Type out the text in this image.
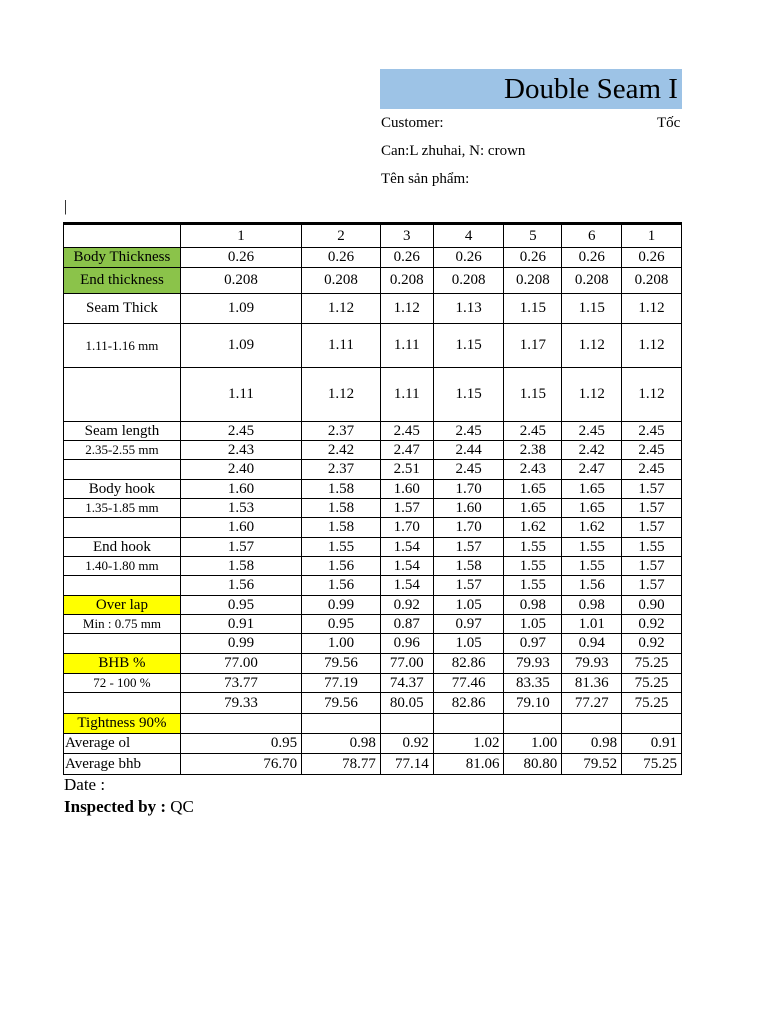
Double Seam I
Customer:	Tốc
Can:L zhuhai, N: crown
Tên sản phẩm:
|
	1	2	3	4	5	6	1
Body Thickness	0.26	0.26	0.26	0.26	0.26	0.26	0.26
End thickness	0.208	0.208	0.208	0.208	0.208	0.208	0.208
Seam Thick	1.09	1.12	1.12	1.13	1.15	1.15	1.12
1.11-1.16 mm	1.09	1.11	1.11	1.15	1.17	1.12	1.12
	1.11	1.12	1.11	1.15	1.15	1.12	1.12
Seam length	2.45	2.37	2.45	2.45	2.45	2.45	2.45
2.35-2.55 mm	2.43	2.42	2.47	2.44	2.38	2.42	2.45
	2.40	2.37	2.51	2.45	2.43	2.47	2.45
Body hook	1.60	1.58	1.60	1.70	1.65	1.65	1.57
1.35-1.85 mm	1.53	1.58	1.57	1.60	1.65	1.65	1.57
	1.60	1.58	1.70	1.70	1.62	1.62	1.57
End hook	1.57	1.55	1.54	1.57	1.55	1.55	1.55
1.40-1.80 mm	1.58	1.56	1.54	1.58	1.55	1.55	1.57
	1.56	1.56	1.54	1.57	1.55	1.56	1.57
Over lap	0.95	0.99	0.92	1.05	0.98	0.98	0.90
Min : 0.75 mm	0.91	0.95	0.87	0.97	1.05	1.01	0.92
	0.99	1.00	0.96	1.05	0.97	0.94	0.92
BHB %	77.00	79.56	77.00	82.86	79.93	79.93	75.25
72 - 100 %	73.77	77.19	74.37	77.46	83.35	81.36	75.25
	79.33	79.56	80.05	82.86	79.10	77.27	75.25
Tightness 90%							
Average ol	0.95	0.98	0.92	1.02	1.00	0.98	0.91
Average bhb	76.70	78.77	77.14	81.06	80.80	79.52	75.25
Date :
Inspected by : QC
